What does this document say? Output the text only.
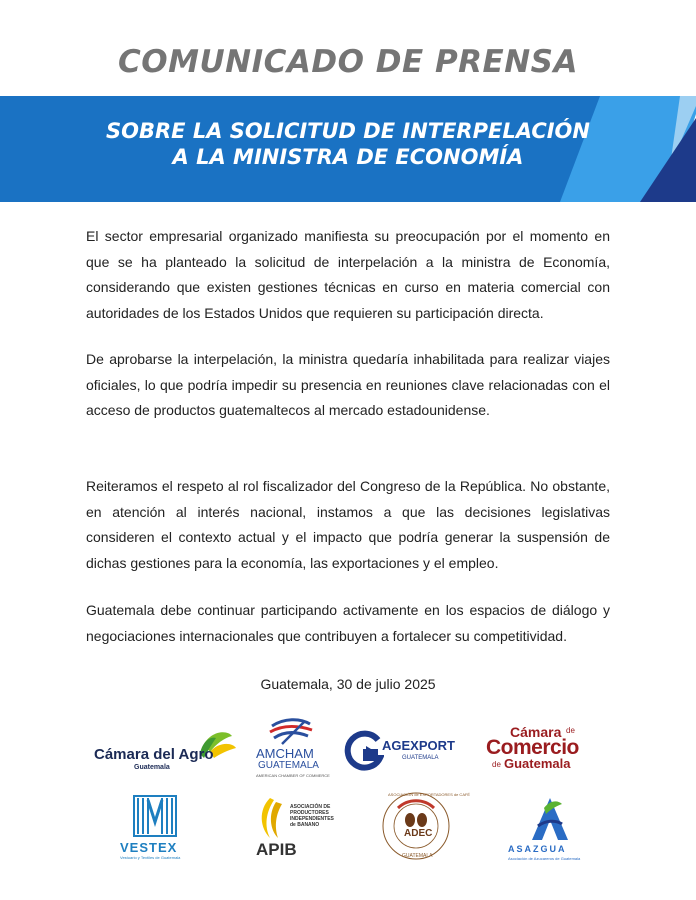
COMUNICADO DE PRENSA
SOBRE LA SOLICITUD DE INTERPELACIÓN
A LA MINISTRA DE ECONOMÍA

El sector empresarial organizado manifiesta su preocupación por el momento en que se ha planteado la solicitud de interpelación a la ministra de Economía, considerando que existen gestiones técnicas en curso en materia comercial con autoridades de los Estados Unidos que requieren su participación directa.

De aprobarse la interpelación, la ministra quedaría inhabilitada para realizar viajes oficiales, lo que podría impedir su presencia en reuniones clave relacionadas con el acceso de productos guatemaltecos al mercado estadounidense.

Reiteramos el respeto al rol fiscalizador del Congreso de la República. No obstante, en atención al interés nacional, instamos a que las decisiones legislativas consideren el contexto actual y el impacto que podría generar la suspensión de dichas gestiones para la economía, las exportaciones y el empleo.

Guatemala debe continuar participando activamente en los espacios de diálogo y negociaciones internacionales que contribuyen a fortalecer su competitividad.

Guatemala, 30 de julio 2025
Cámara del Agro
Guatemala
AMCHAM
GUATEMALA
AMERICAN CHAMBER OF COMMERCE
AGEXPORT
GUATEMALA
Cámara de
Comercio
de Guatemala
VESTEX
Vestuario y Textiles de Guatemala
ASOCIACIÓN DE
PRODUCTORES
INDEPENDIENTES
de BANANO
APIB
ADEC
ASOCIACIÓN de EXPORTADORES de CAFÉ
GUATEMALA
ASAZGUA
Asociación de Azucareros de Guatemala
